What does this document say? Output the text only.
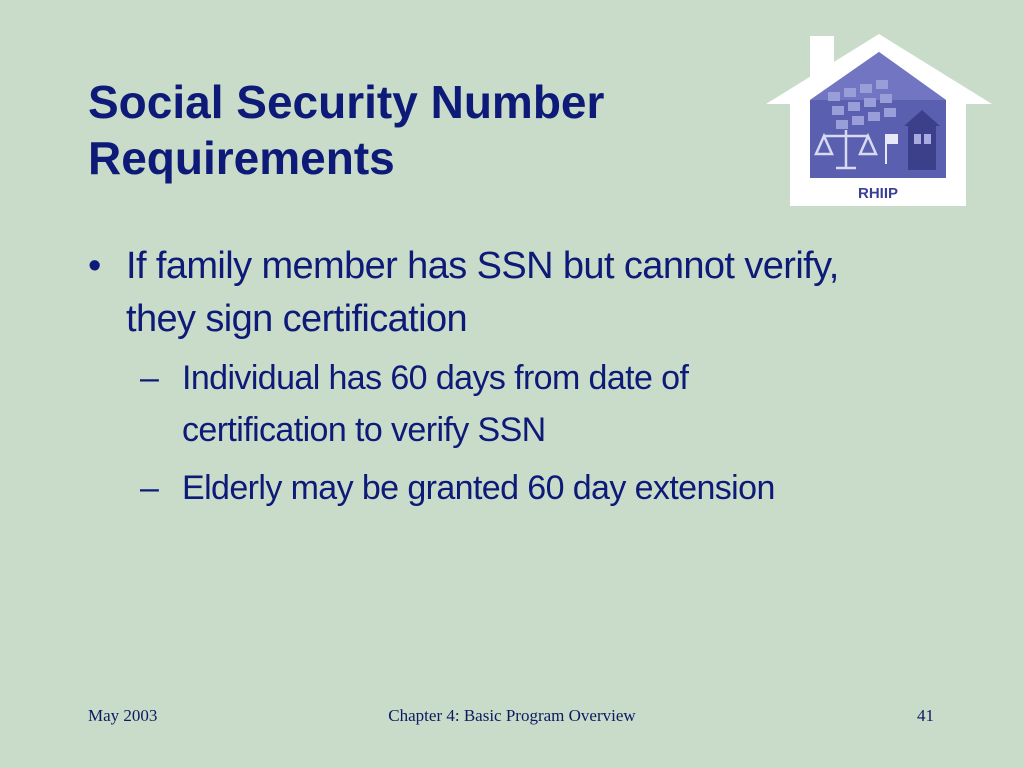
Social Security Number
Requirements
RHIIP
• If family member has SSN but cannot verify,
they sign certification
– Individual has 60 days from date of
certification to verify SSN
– Elderly may be granted 60 day extension
May 2003	Chapter 4: Basic Program Overview	41
